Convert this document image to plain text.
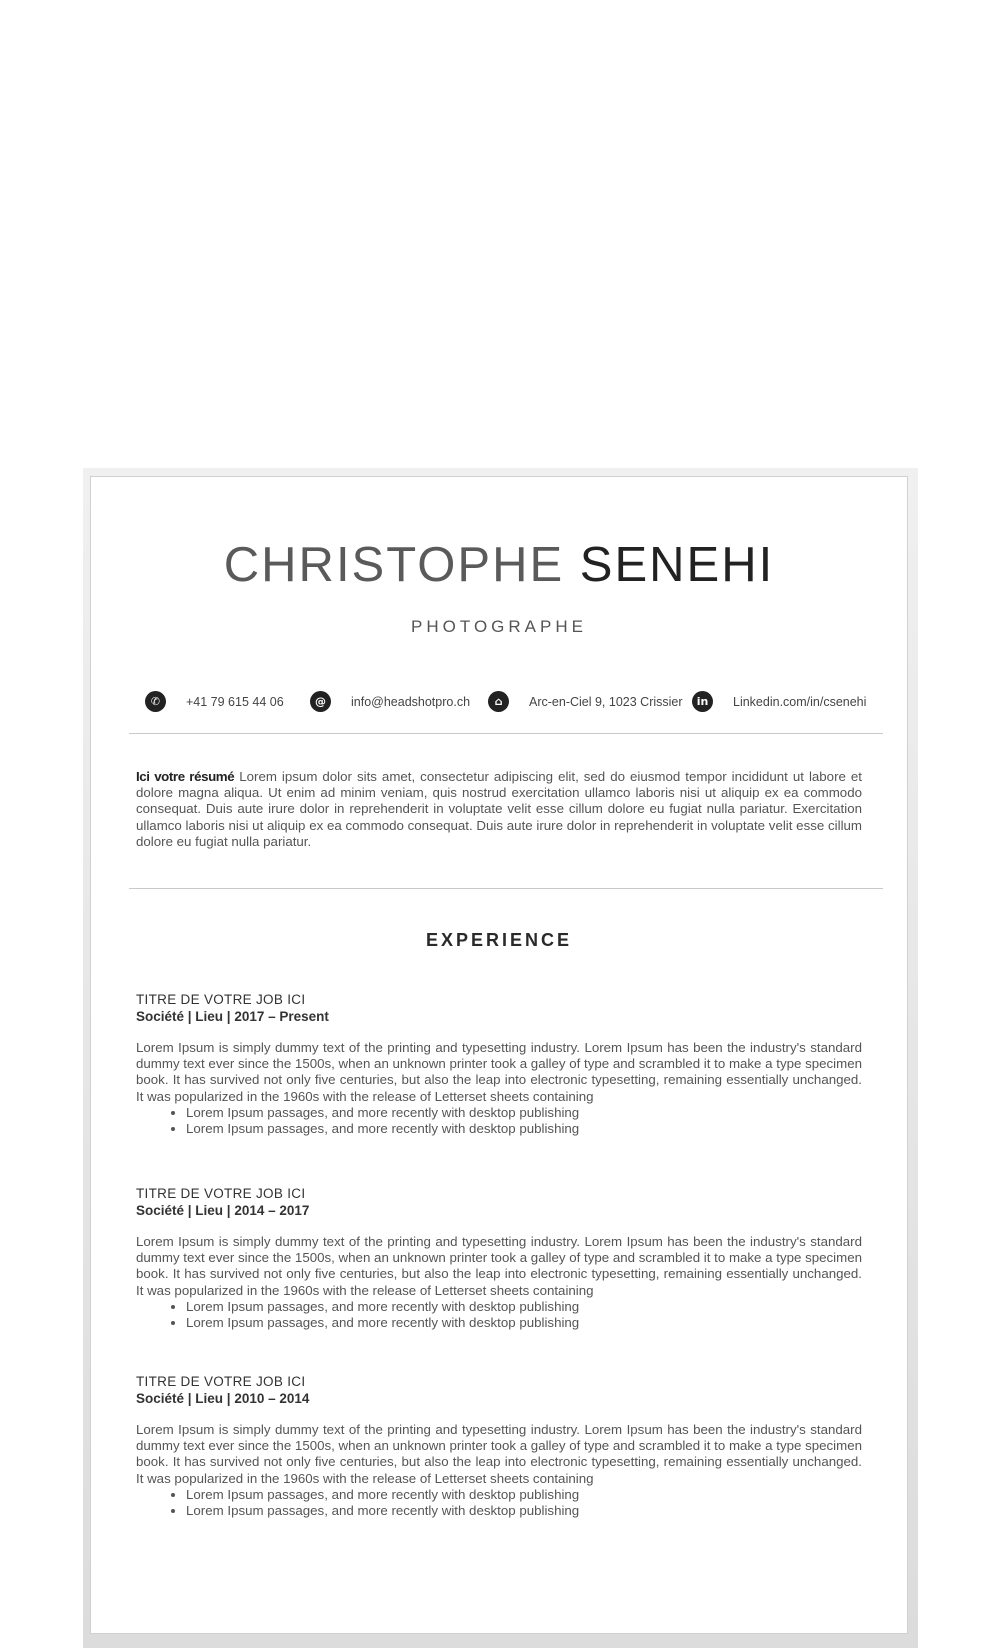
CHRISTOPHE SENEHI
PHOTOGRAPHE
✆	+41 79 615 44 06	@	info@headshotpro.ch	⌂	Arc-en-Ciel 9, 1023 Crissier	in	Linkedin.com/in/csenehi
Ici votre résumé Lorem ipsum dolor sits amet, consectetur adipiscing elit, sed do eiusmod tempor incididunt ut labore et dolore magna aliqua. Ut enim ad minim veniam, quis nostrud exercitation ullamco laboris nisi ut aliquip ex ea commodo consequat. Duis aute irure dolor in reprehenderit in voluptate velit esse cillum dolore eu fugiat nulla pariatur. Exercitation ullamco laboris nisi ut aliquip ex ea commodo consequat. Duis aute irure dolor in reprehenderit in voluptate velit esse cillum dolore eu fugiat nulla pariatur.
EXPERIENCE
TITRE DE VOTRE JOB ICI
Société | Lieu | 2017 – Present
Lorem Ipsum is simply dummy text of the printing and typesetting industry. Lorem Ipsum has been the industry's standard dummy text ever since the 1500s, when an unknown printer took a galley of type and scrambled it to make a type specimen book. It has survived not only five centuries, but also the leap into electronic typesetting, remaining essentially unchanged. It was popularized in the 1960s with the release of Letterset sheets containing
• Lorem Ipsum passages, and more recently with desktop publishing
• Lorem Ipsum passages, and more recently with desktop publishing
TITRE DE VOTRE JOB ICI
Société | Lieu | 2014 – 2017
Lorem Ipsum is simply dummy text of the printing and typesetting industry. Lorem Ipsum has been the industry's standard dummy text ever since the 1500s, when an unknown printer took a galley of type and scrambled it to make a type specimen book. It has survived not only five centuries, but also the leap into electronic typesetting, remaining essentially unchanged. It was popularized in the 1960s with the release of Letterset sheets containing
• Lorem Ipsum passages, and more recently with desktop publishing
• Lorem Ipsum passages, and more recently with desktop publishing
TITRE DE VOTRE JOB ICI
Société | Lieu | 2010 – 2014
Lorem Ipsum is simply dummy text of the printing and typesetting industry. Lorem Ipsum has been the industry's standard dummy text ever since the 1500s, when an unknown printer took a galley of type and scrambled it to make a type specimen book. It has survived not only five centuries, but also the leap into electronic typesetting, remaining essentially unchanged. It was popularized in the 1960s with the release of Letterset sheets containing
• Lorem Ipsum passages, and more recently with desktop publishing
• Lorem Ipsum passages, and more recently with desktop publishing
